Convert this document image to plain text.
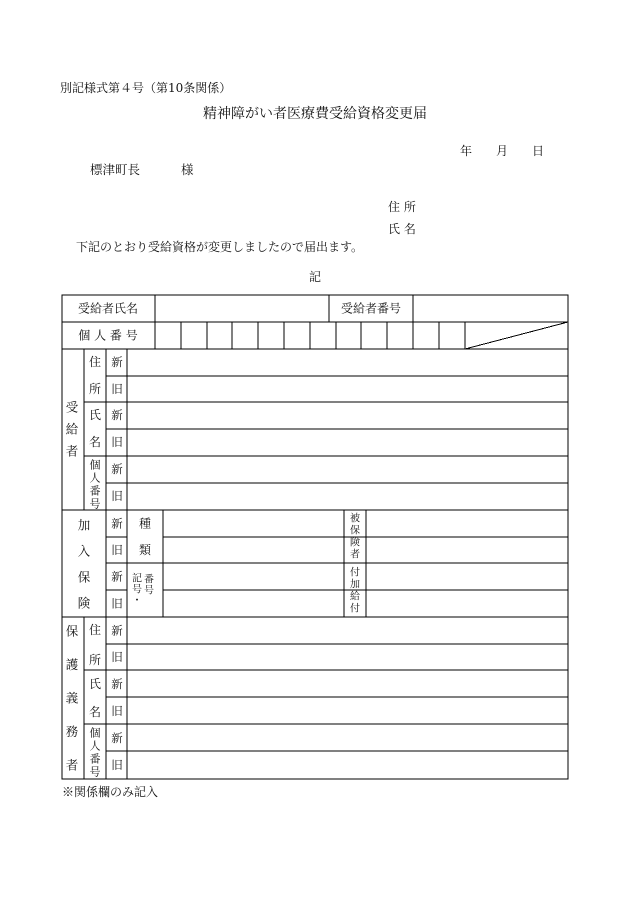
別記様式第４号（第10条関係）
精神障がい者医療費受給資格変更届
年 月 日
標津町長	様
住 所
氏 名
下記のとおり受給資格が変更しましたので届出ます。
記
受給者氏名	受給者番号
個 人 番 号
受
給
者
住
所
氏
名
個
人
番
号
新
旧
新
旧
新
旧
加
入
保
険
新
旧
新
旧
種
類
記
号
・
番
号
被
保
険
者
付
加
給
付
保
護
義
務
者
住
所
氏
名
個
人
番
号
新
旧
新
旧
新
旧
※関係欄のみ記入
